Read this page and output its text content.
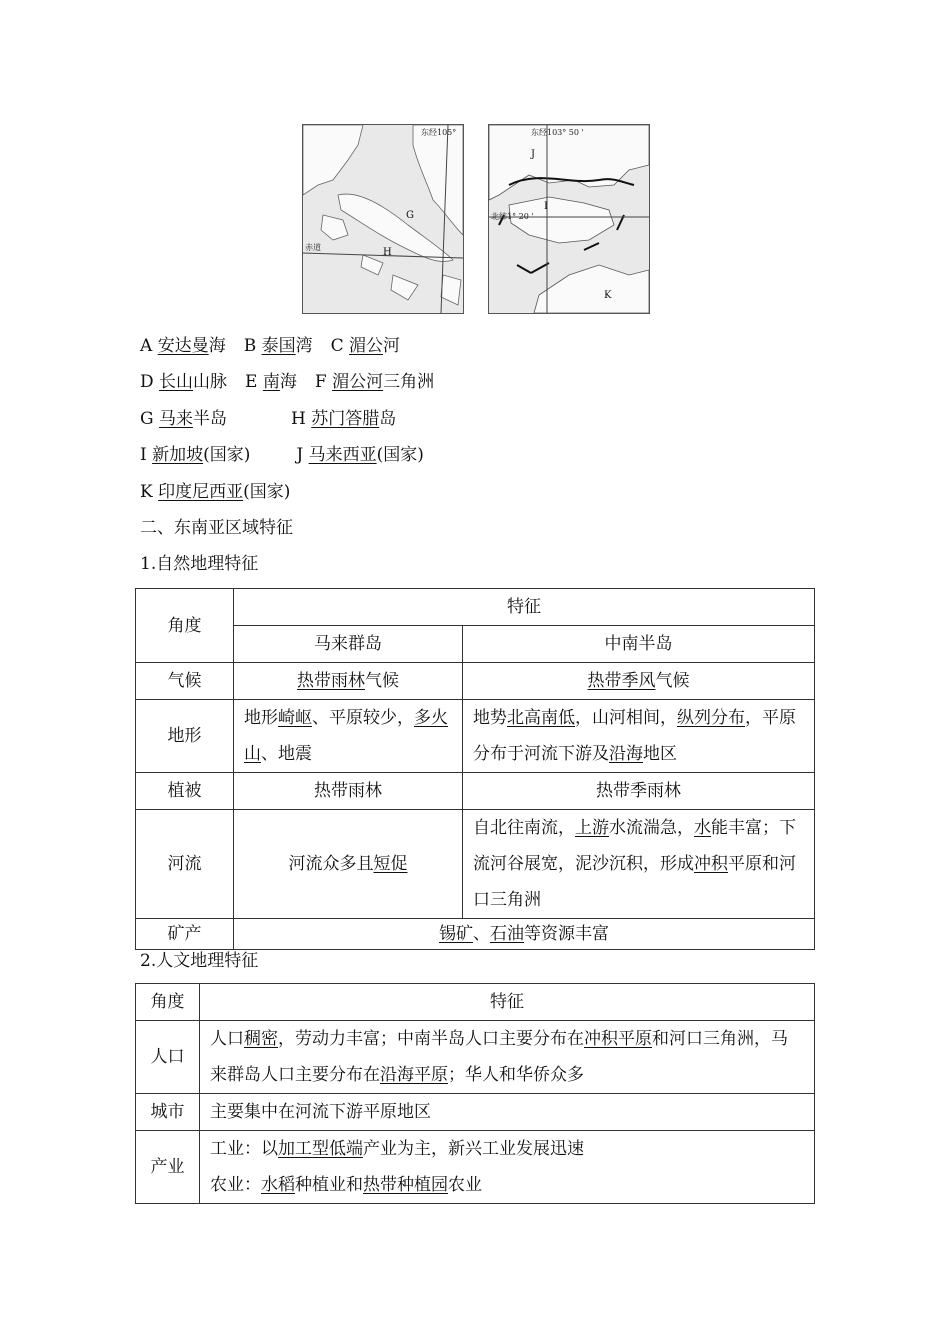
东经105°
赤道
G
H
东经103° 50 '
北纬1° 20 '
J
I
K
A 安达曼海 B 泰国湾 C 湄公河
D 长山山脉 E 南海 F 湄公河三角洲
G 马来半岛	H 苏门答腊岛
I 新加坡(国家)	J 马来西亚(国家)
K 印度尼西亚(国家)
二、东南亚区域特征
1.自然地理特征
角度	特征	
	马来群岛	中南半岛
气候	热带雨林气候	热带季风气候
地形	地形崎岖、平原较少，多火山、地震	地势北高南低，山河相间，纵列分布，平原分布于河流下游及沿海地区
植被	热带雨林	热带季雨林
河流	河流众多且短促	自北往南流，上游水流湍急，水能丰富；下流河谷展宽，泥沙沉积，形成冲积平原和河口三角洲
矿产	锡矿、石油等资源丰富	
2.人文地理特征
角度	特征
人口	人口稠密，劳动力丰富；中南半岛人口主要分布在冲积平原和河口三角洲，马来群岛人口主要分布在沿海平原；华人和华侨众多
城市	主要集中在河流下游平原地区
产业	工业：以加工型低端产业为主，新兴工业发展迅速
农业：水稻种植业和热带种植园农业
